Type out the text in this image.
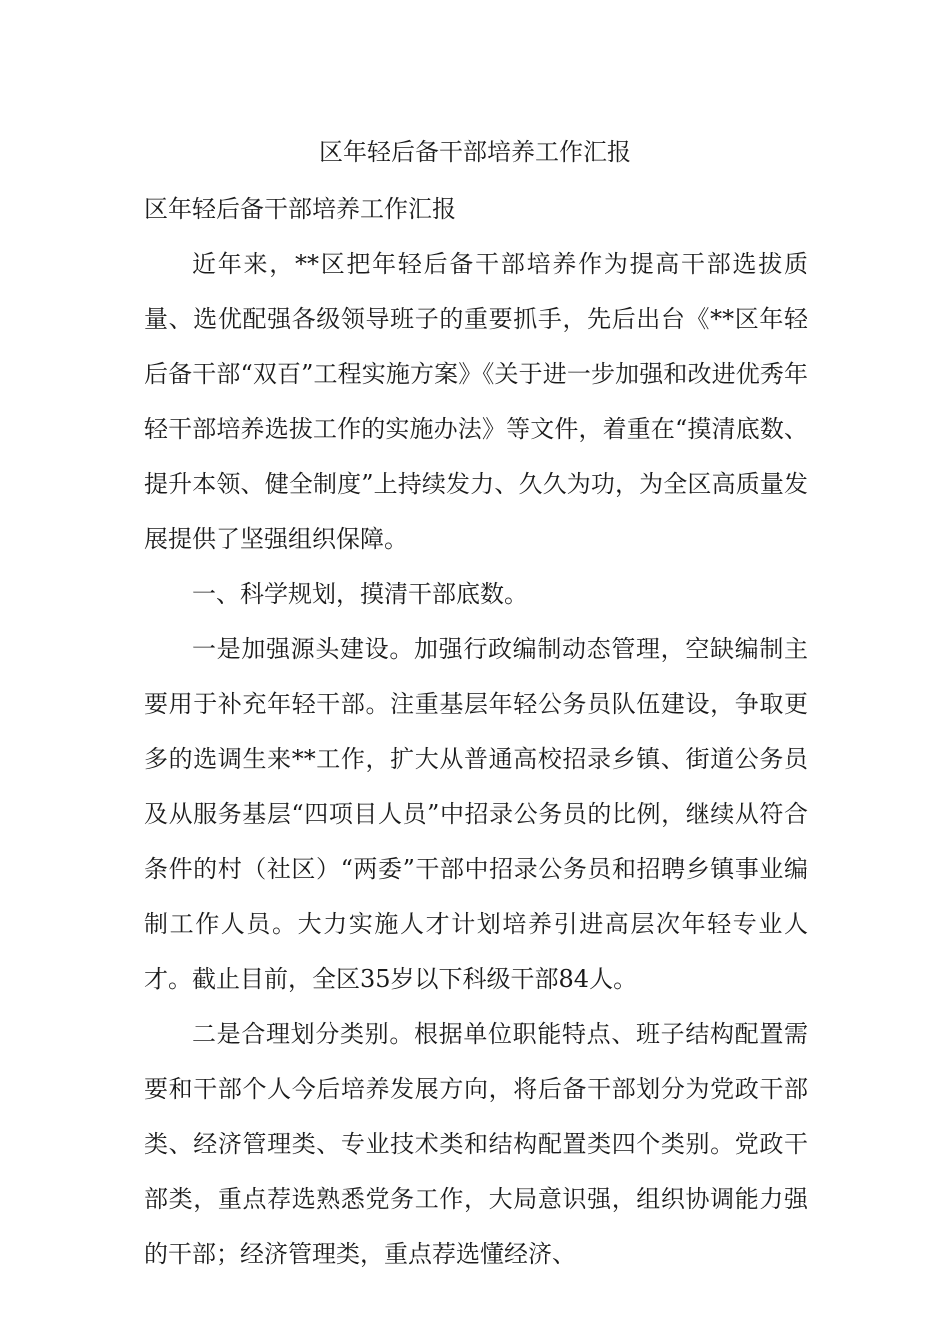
区年轻后备干部培养工作汇报

区年轻后备干部培养工作汇报

近年来，**区把年轻后备干部培养作为提高干部选拔质量、选优配强各级领导班子的重要抓手，先后出台《**区年轻后备干部“双百”工程实施方案》《关于进一步加强和改进优秀年轻干部培养选拔工作的实施办法》等文件，着重在“摸清底数、提升本领、健全制度”上持续发力、久久为功，为全区高质量发展提供了坚强组织保障。

一、科学规划，摸清干部底数。

一是加强源头建设。加强行政编制动态管理，空缺编制主要用于补充年轻干部。注重基层年轻公务员队伍建设，争取更多的选调生来**工作，扩大从普通高校招录乡镇、街道公务员及从服务基层“四项目人员”中招录公务员的比例，继续从符合条件的村（社区）“两委”干部中招录公务员和招聘乡镇事业编制工作人员。大力实施人才计划培养引进高层次年轻专业人才。截止目前，全区35岁以下科级干部84人。

二是合理划分类别。根据单位职能特点、班子结构配置需要和干部个人今后培养发展方向，将后备干部划分为党政干部类、经济管理类、专业技术类和结构配置类四个类别。党政干部类，重点荐选熟悉党务工作，大局意识强，组织协调能力强的干部；经济管理类，重点荐选懂经济、
